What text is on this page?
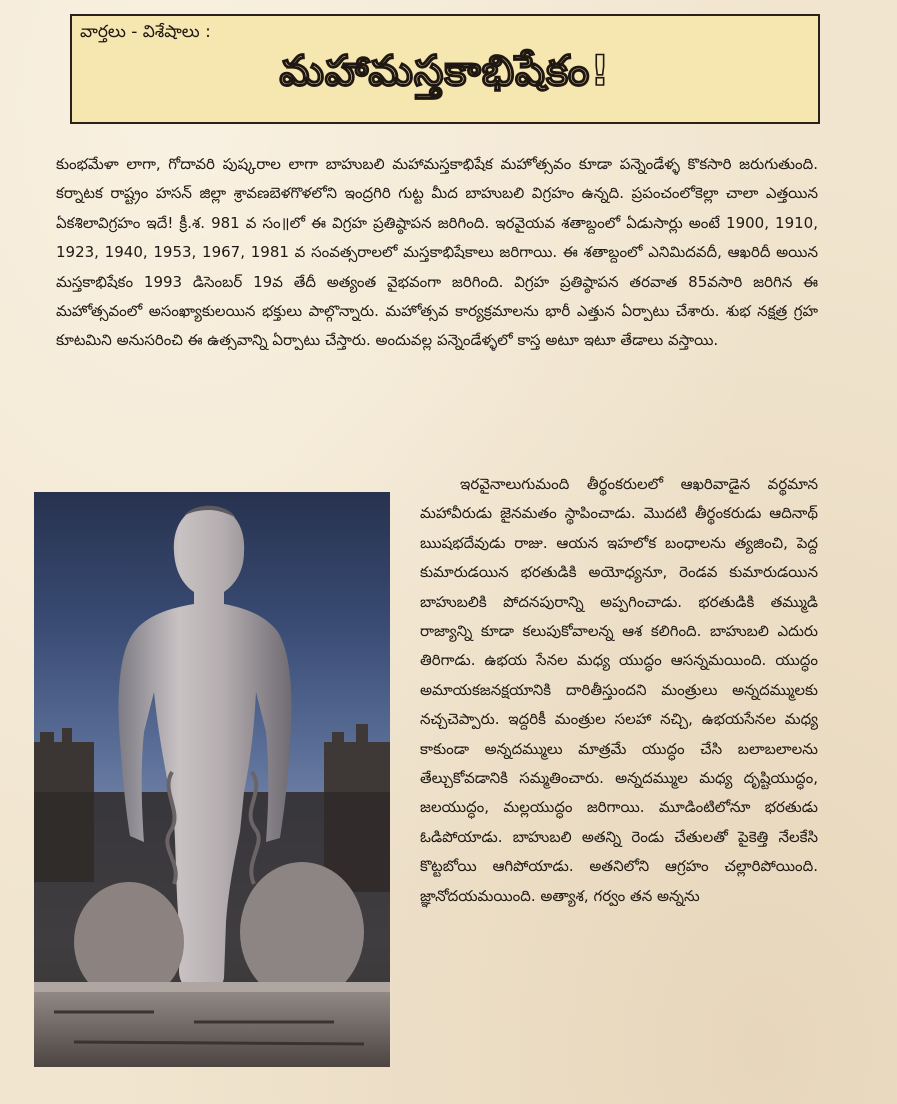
వార్తలు - విశేషాలు :
మహామస్తకాభిషేకం!

కుంభమేళా లాగా, గోదావరి పుష్కరాల లాగా బాహుబలి మహామస్తకాభిషేక మహోత్సవం కూడా పన్నెండేళ్ళ కొకసారి జరుగుతుంది. కర్నాటక రాష్ట్రం హసన్ జిల్లా శ్రావణబెళగొళలోని ఇంద్రగిరి గుట్ట మీద బాహుబలి విగ్రహం ఉన్నది. ప్రపంచంలోకెల్లా చాలా ఎత్తయిన ఏకశిలావిగ్రహం ఇదే! క్రీ.శ. 981 వ సం॥లో ఈ విగ్రహ ప్రతిష్ఠాపన జరిగింది. ఇరవైయవ శతాబ్దంలో ఏడుసార్లు అంటే 1900, 1910, 1923, 1940, 1953, 1967, 1981 వ సంవత్సరాలలో మస్తకాభిషేకాలు జరిగాయి. ఈ శతాబ్దంలో ఎనిమిదవదీ, ఆఖరిదీ అయిన మస్తకాభిషేకం 1993 డిసెంబర్ 19వ తేదీ అత్యంత వైభవంగా జరిగింది. విగ్రహ ప్రతిష్ఠాపన తరవాత 85వసారి జరిగిన ఈ మహోత్సవంలో అసంఖ్యాకులయిన భక్తులు పాల్గొన్నారు. మహోత్సవ కార్యక్రమాలను భారీ ఎత్తున ఏర్పాటు చేశారు. శుభ నక్షత్ర గ్రహ కూటమిని అనుసరించి ఈ ఉత్సవాన్ని ఏర్పాటు చేస్తారు. అందువల్ల పన్నెండేళ్ళలో కాస్త అటూ ఇటూ తేడాలు వస్తాయి.

ఇరవైనాలుగుమంది తీర్థంకరులలో ఆఖరివాడైన వర్థమాన మహావీరుడు జైనమతం స్థాపించాడు. మొదటి తీర్థంకరుడు ఆదినాథ్ ఋషభదేవుడు రాజు. ఆయన ఇహలోక బంధాలను త్యజించి, పెద్ద కుమారుడయిన భరతుడికి అయోధ్యనూ, రెండవ కుమారుడయిన బాహుబలికి పోదనపురాన్ని అప్పగించాడు. భరతుడికి తమ్ముడి రాజ్యాన్ని కూడా కలుపుకోవాలన్న ఆశ కలిగింది. బాహుబలి ఎదురు తిరిగాడు. ఉభయ సేనల మధ్య యుద్ధం ఆసన్నమయింది. యుద్ధం అమాయకజనక్షయానికి దారితీస్తుందని మంత్రులు అన్నదమ్ములకు నచ్చచెప్పారు. ఇద్దరికీ మంత్రుల సలహా నచ్చి, ఉభయసేనల మధ్య కాకుండా అన్నదమ్ములు మాత్రమే యుద్ధం చేసి బలాబలాలను తేల్చుకోవడానికి సమ్మతించారు. అన్నదమ్ముల మధ్య దృష్టియుద్ధం, జలయుద్ధం, మల్లయుద్ధం జరిగాయి. మూడింటిలోనూ భరతుడు ఓడిపోయాడు. బాహుబలి అతన్ని రెండు చేతులతో పైకెత్తి నేలకేసి కొట్టబోయి ఆగిపోయాడు. అతనిలోని ఆగ్రహం చల్లారిపోయింది. జ్ఞానోదయమయింది. అత్యాశ, గర్వం తన అన్నను
